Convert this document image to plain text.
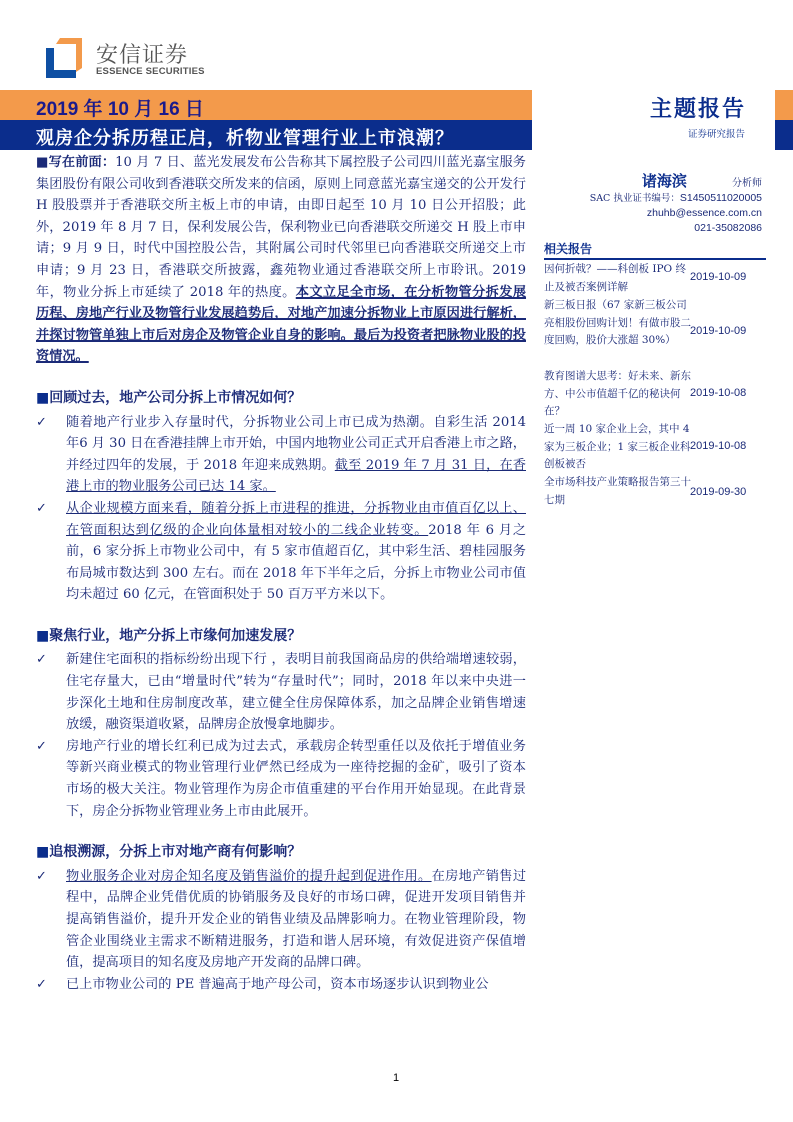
安信证券
ESSENCE SECURITIES
2019 年 10 月 16 日
观房企分拆历程正启，析物业管理行业上市浪潮？
主题报告
证券研究报告
诸海滨	分析师
SAC 执业证书编号：S1450511020005
zhuhb@essence.com.cn
021-35082086
相关报告
因何折戟？——科创板 IPO 终止及被否案例详解
2019-10-09
新三板日报（67 家新三板公司亮相股份回购计划！有做市股二度回购，股价大涨超 30%）
2019-10-09
教育图谱大思考：好未来、新东方、中公市值超千亿的秘诀何在？
2019-10-08
近一周 10 家企业上会，其中 4 家为三板企业；1 家三板企业科创板被否
2019-10-08
全市场科技产业策略报告第三十七期
2019-09-30

■写在前面：10 月 7 日、蓝光发展发布公告称其下属控股子公司四川蓝光嘉宝服务集团股份有限公司收到香港联交所发来的信函，原则上同意蓝光嘉宝递交的公开发行 H 股股票并于香港联交所主板上市的申请，由即日起至 10 月 10 日公开招股；此外，2019 年 8 月 7 日，保利发展公告，保利物业已向香港联交所递交 H 股上市申请；9 月 9 日，时代中国控股公告，其附属公司时代邻里已向香港联交所递交上市申请；9 月 23 日，香港联交所披露，鑫苑物业通过香港联交所上市聆讯。2019 年，物业分拆上市延续了 2018 年的热度。本文立足全市场，在分析物管分拆发展历程、房地产行业及物管行业发展趋势后，对地产加速分拆物业上市原因进行解析，并探讨物管单独上市后对房企及物管企业自身的影响。最后为投资者把脉物业股的投资情况。

■回顾过去，地产公司分拆上市情况如何？
✓ 随着地产行业步入存量时代，分拆物业公司上市已成为热潮。自彩生活 2014 年6 月 30 日在香港挂牌上市开始，中国内地物业公司正式开启香港上市之路，并经过四年的发展，于 2018 年迎来成熟期。截至 2019 年 7 月 31 日，在香港上市的物业服务公司已达 14 家。
✓ 从企业规模方面来看，随着分拆上市进程的推进，分拆物业由市值百亿以上、在管面积达到亿级的企业向体量相对较小的二线企业转变。2018 年 6 月之前，6 家分拆上市物业公司中，有 5 家市值超百亿，其中彩生活、碧桂园服务布局城市数达到 300 左右。而在 2018 年下半年之后，分拆上市物业公司市值均未超过 60 亿元，在管面积处于 50 百万平方米以下。
■聚焦行业，地产分拆上市缘何加速发展？
✓ 新建住宅面积的指标纷纷出现下行 ，表明目前我国商品房的供给端增速较弱，住宅存量大，已由“增量时代”转为“存量时代”；同时，2018 年以来中央进一步深化土地和住房制度改革，建立健全住房保障体系，加之品牌企业销售增速放缓，融资渠道收紧，品牌房企放慢拿地脚步。
✓ 房地产行业的增长红利已成为过去式，承载房企转型重任以及依托于增值业务等新兴商业模式的物业管理行业俨然已经成为一座待挖掘的金矿，吸引了资本市场的极大关注。物业管理作为房企市值重建的平台作用开始显现。在此背景下，房企分拆物业管理业务上市由此展开。
■追根溯源，分拆上市对地产商有何影响？
✓ 物业服务企业对房企知名度及销售溢价的提升起到促进作用。在房地产销售过程中，品牌企业凭借优质的协销服务及良好的市场口碑，促进开发项目销售并提高销售溢价，提升开发企业的销售业绩及品牌影响力。在物业管理阶段，物管企业围绕业主需求不断精进服务，打造和谐人居环境，有效促进资产保值增值，提高项目的知名度及房地产开发商的品牌口碑。
✓ 已上市物业公司的 PE 普遍高于地产母公司，资本市场逐步认识到物业公
1
